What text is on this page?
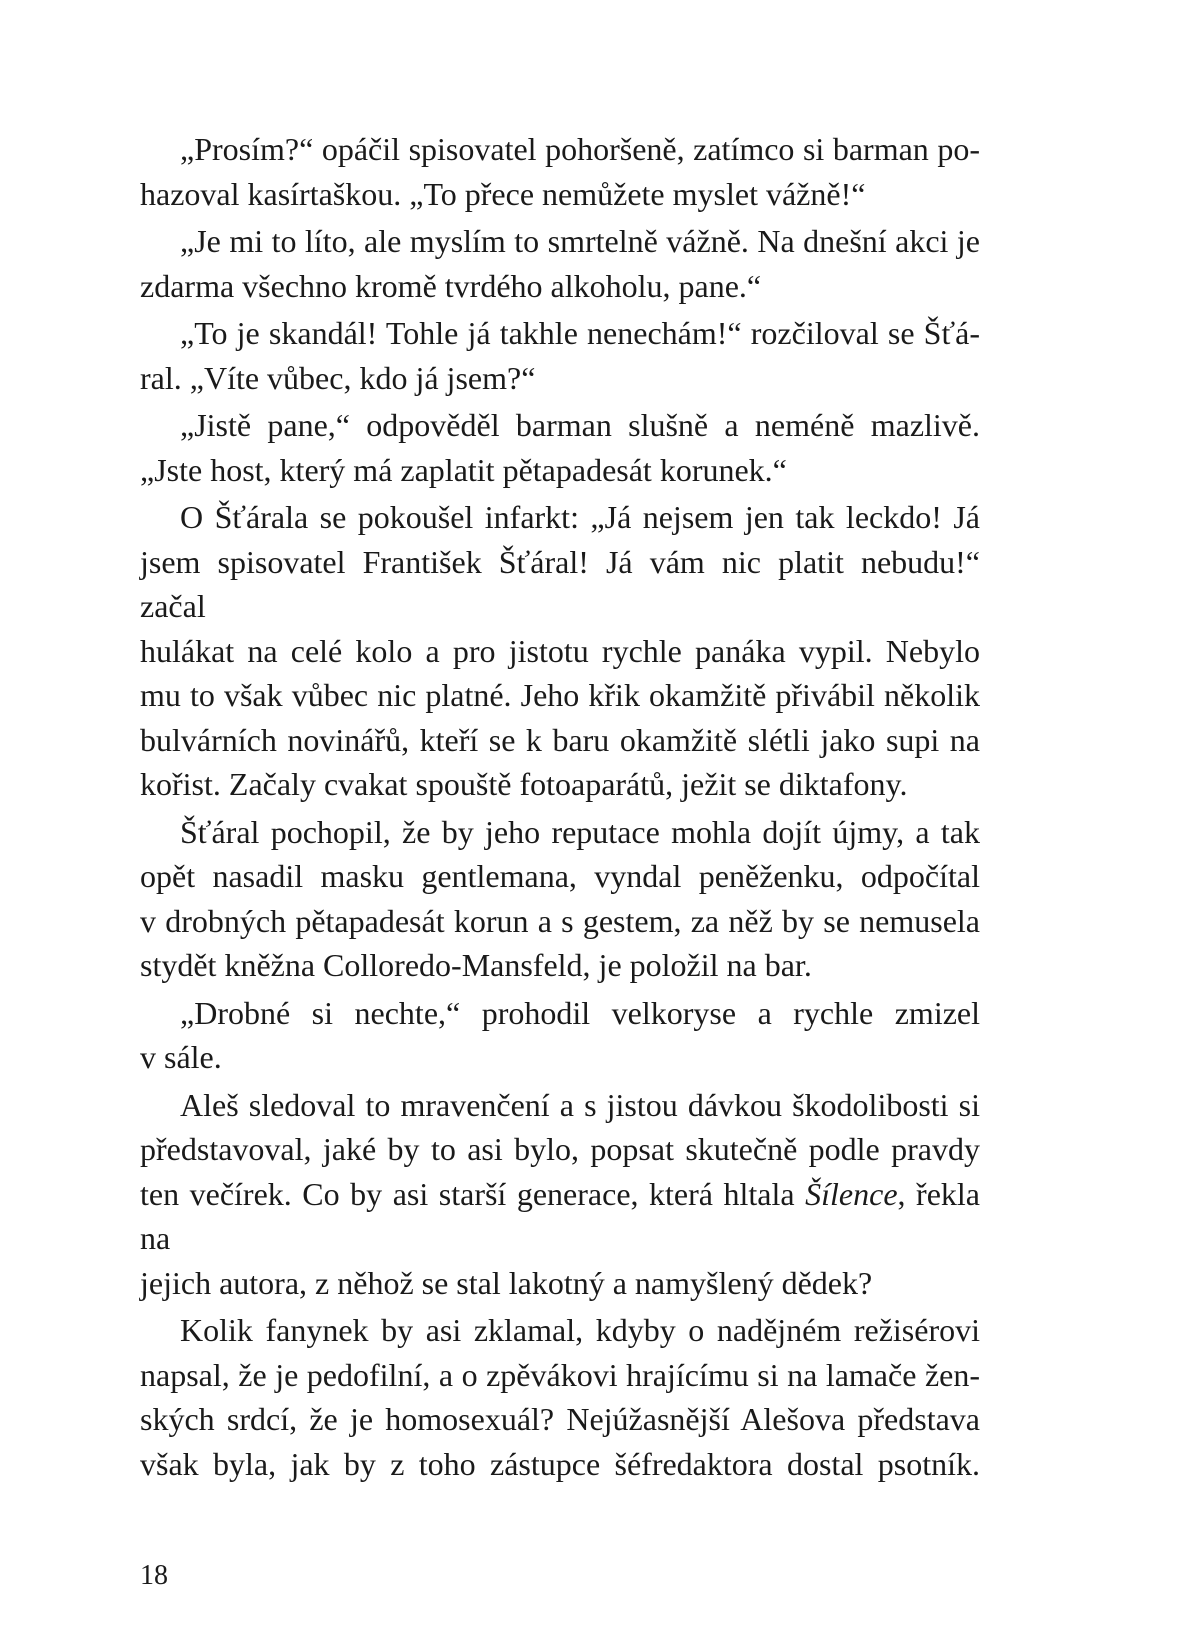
„Prosím?“ opáčil spisovatel pohoršeně, zatímco si barman po-
hazoval kasírtaškou. „To přece nemůžete myslet vážně!“
„Je mi to líto, ale myslím to smrtelně vážně. Na dnešní akci je
zdarma všechno kromě tvrdého alkoholu, pane.“
„To je skandál! Tohle já takhle nenechám!“ rozčiloval se Šťá-
ral. „Víte vůbec, kdo já jsem?“
„Jistě pane,“ odpověděl barman slušně a neméně mazlivě.
„Jste host, který má zaplatit pětapadesát korunek.“
O Šťárala se pokoušel infarkt: „Já nejsem jen tak leckdo! Já
jsem spisovatel František Šťáral! Já vám nic platit nebudu!“ začal
hulákat na celé kolo a pro jistotu rychle panáka vypil. Nebylo
mu to však vůbec nic platné. Jeho křik okamžitě přivábil několik
bulvárních novinářů, kteří se k baru okamžitě slétli jako supi na
kořist. Začaly cvakat spouště fotoaparátů, ježit se diktafony.
Šťáral pochopil, že by jeho reputace mohla dojít újmy, a tak
opět nasadil masku gentlemana, vyndal peněženku, odpočítal
v drobných pětapadesát korun a s gestem, za něž by se nemusela
stydět kněžna Colloredo-Mansfeld, je položil na bar.
„Drobné si nechte,“ prohodil velkoryse a rychle zmizel
v sále.
Aleš sledoval to mravenčení a s jistou dávkou škodolibosti si
představoval, jaké by to asi bylo, popsat skutečně podle pravdy
ten večírek. Co by asi starší generace, která hltala Šílence, řekla na
jejich autora, z něhož se stal lakotný a namyšlený dědek?
Kolik fanynek by asi zklamal, kdyby o nadějném režisérovi
napsal, že je pedofilní, a o zpěvákovi hrajícímu si na lamače žen-
ských srdcí, že je homosexuál? Nejúžasnější Alešova představa
však byla, jak by z toho zástupce šéfredaktora dostal psotník.
18
